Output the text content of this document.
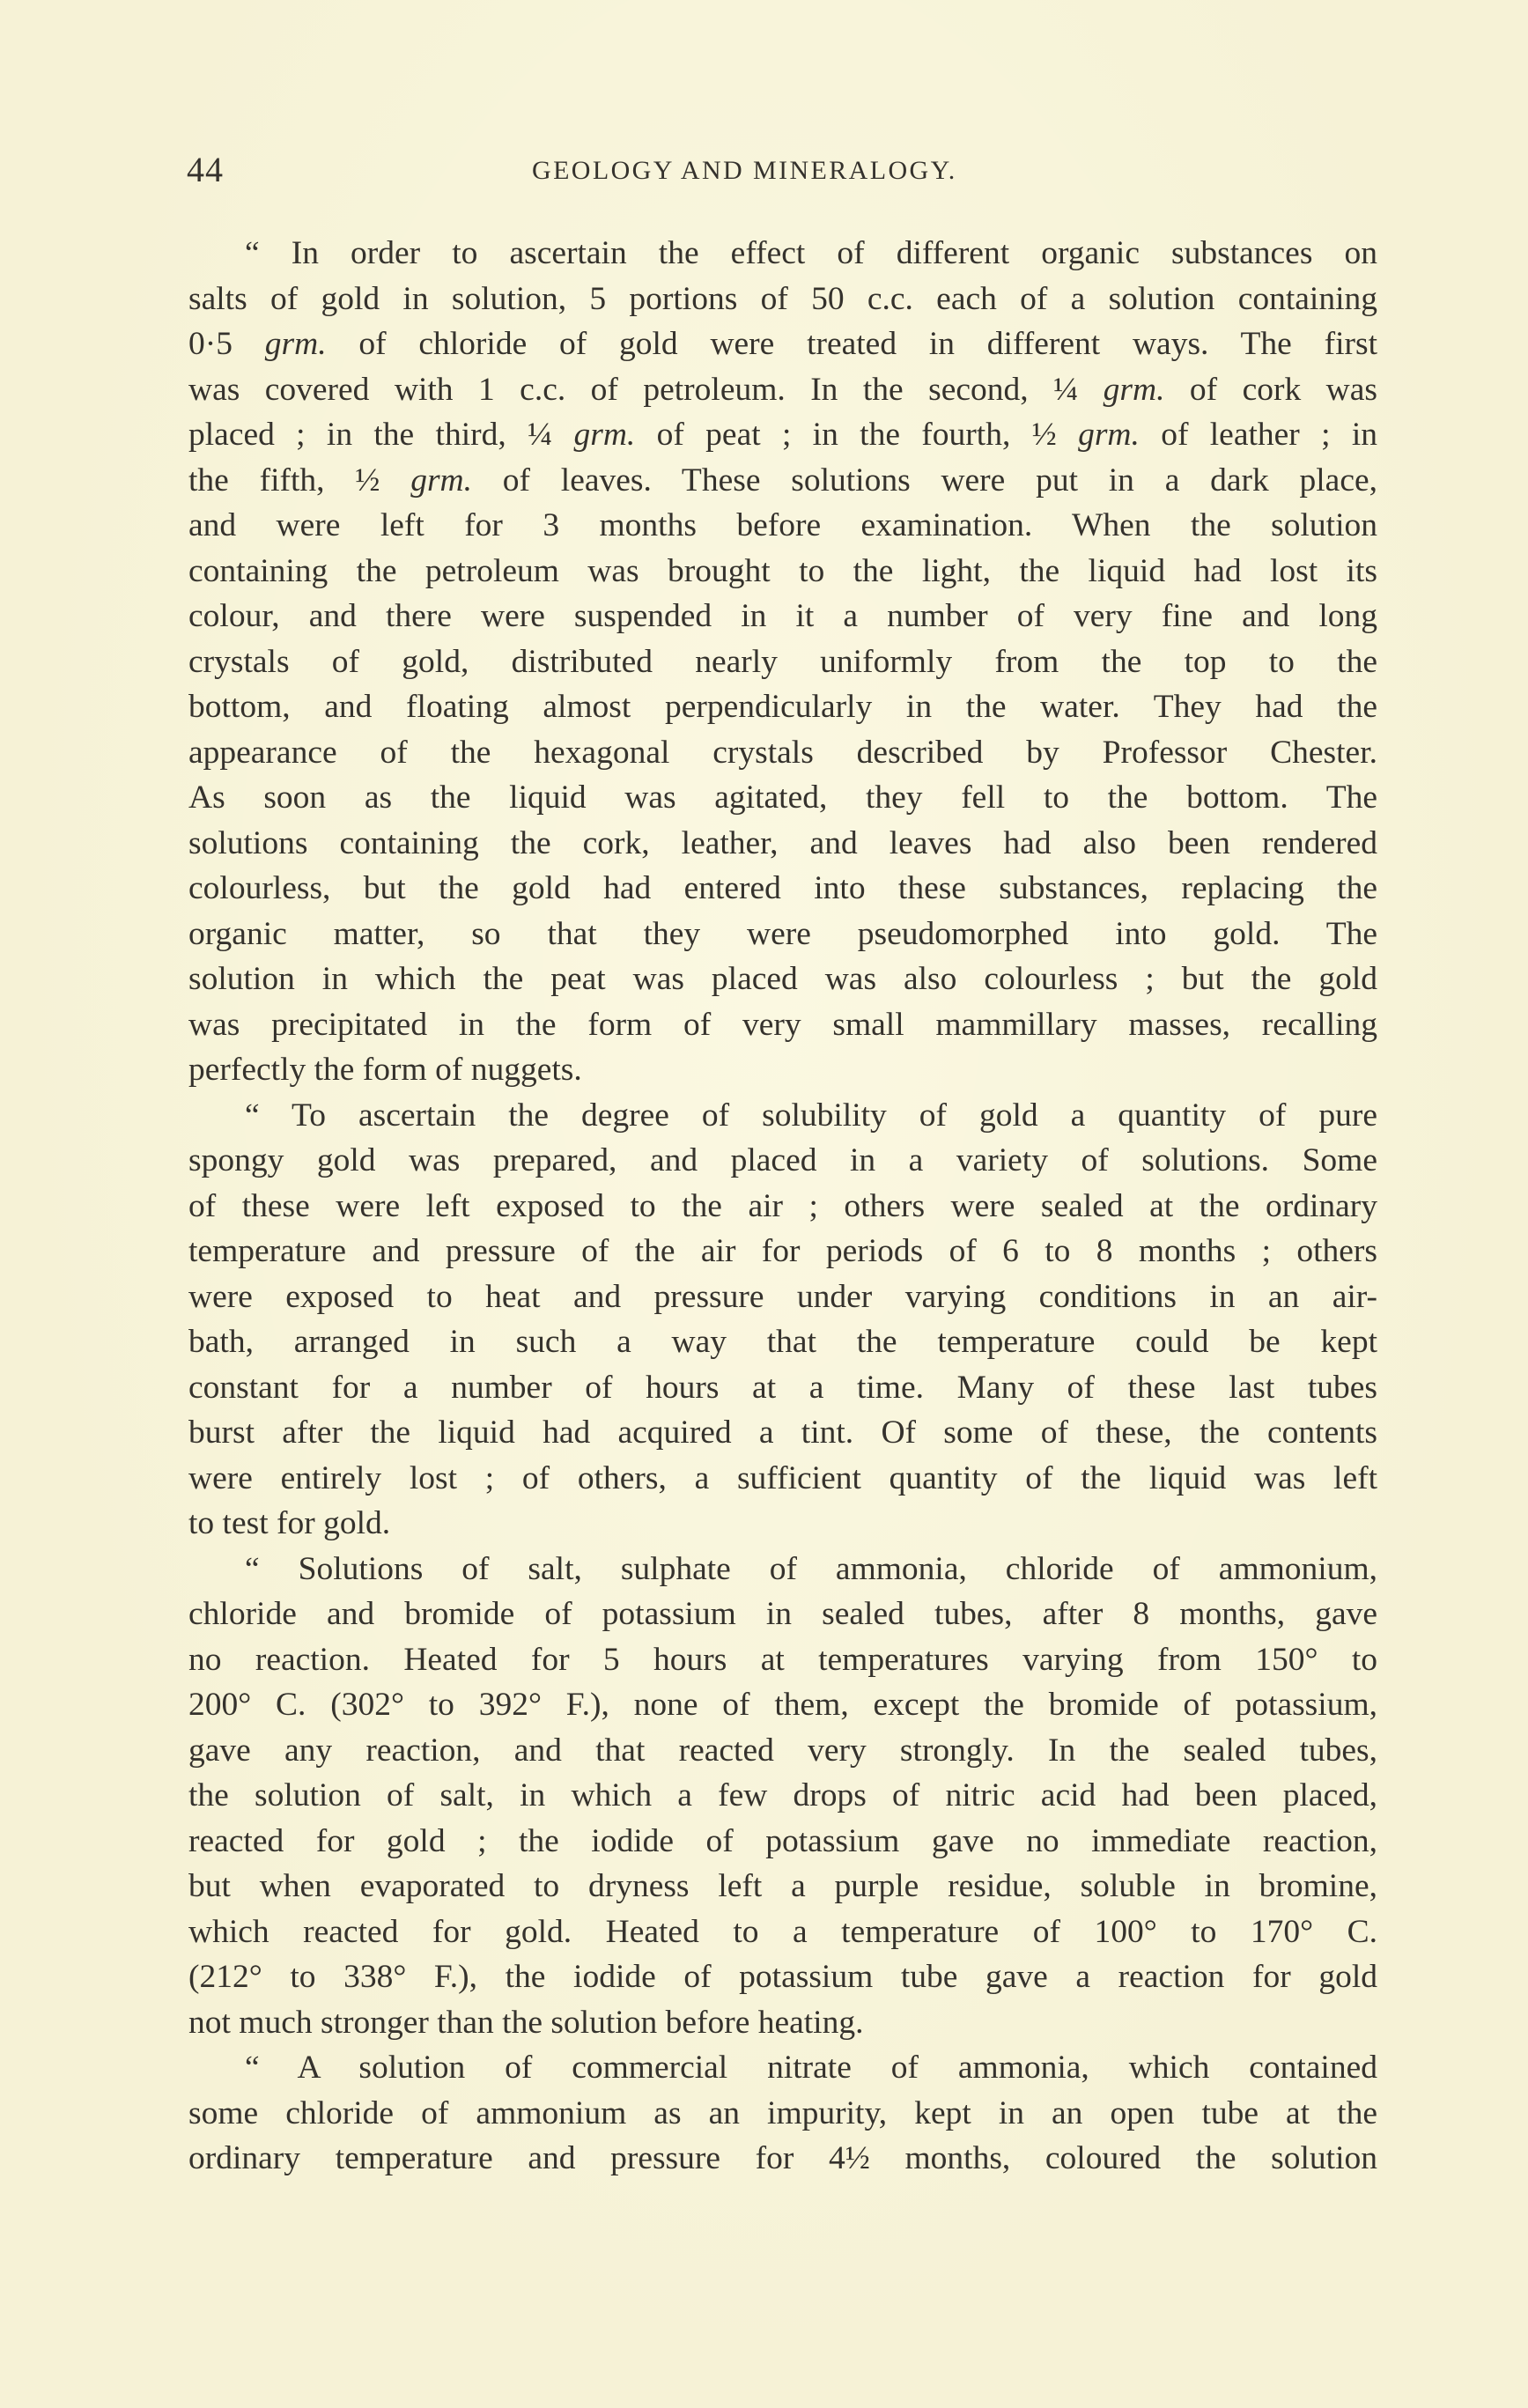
44	GEOLOGY AND MINERALOGY.
“ In order to ascertain the effect of different organic substances on
salts of gold in solution, 5 portions of 50 c.c. each of a solution containing
0·5 grm. of chloride of gold were treated in different ways. The first
was covered with 1 c.c. of petroleum. In the second, ¼ grm. of cork was
placed ; in the third, ¼ grm. of peat ; in the fourth, ½ grm. of leather ; in
the fifth, ½ grm. of leaves. These solutions were put in a dark place,
and were left for 3 months before examination. When the solution
containing the petroleum was brought to the light, the liquid had lost its
colour, and there were suspended in it a number of very fine and long
crystals of gold, distributed nearly uniformly from the top to the
bottom, and floating almost perpendicularly in the water. They had the
appearance of the hexagonal crystals described by Professor Chester.
As soon as the liquid was agitated, they fell to the bottom. The
solutions containing the cork, leather, and leaves had also been rendered
colourless, but the gold had entered into these substances, replacing the
organic matter, so that they were pseudomorphed into gold. The
solution in which the peat was placed was also colourless ; but the gold
was precipitated in the form of very small mammillary masses, recalling
perfectly the form of nuggets.
“ To ascertain the degree of solubility of gold a quantity of pure
spongy gold was prepared, and placed in a variety of solutions. Some
of these were left exposed to the air ; others were sealed at the ordinary
temperature and pressure of the air for periods of 6 to 8 months ; others
were exposed to heat and pressure under varying conditions in an air-
bath, arranged in such a way that the temperature could be kept
constant for a number of hours at a time. Many of these last tubes
burst after the liquid had acquired a tint. Of some of these, the contents
were entirely lost ; of others, a sufficient quantity of the liquid was left
to test for gold.
“ Solutions of salt, sulphate of ammonia, chloride of ammonium,
chloride and bromide of potassium in sealed tubes, after 8 months, gave
no reaction. Heated for 5 hours at temperatures varying from 150° to
200° C. (302° to 392° F.), none of them, except the bromide of potassium,
gave any reaction, and that reacted very strongly. In the sealed tubes,
the solution of salt, in which a few drops of nitric acid had been placed,
reacted for gold ; the iodide of potassium gave no immediate reaction,
but when evaporated to dryness left a purple residue, soluble in bromine,
which reacted for gold. Heated to a temperature of 100° to 170° C.
(212° to 338° F.), the iodide of potassium tube gave a reaction for gold
not much stronger than the solution before heating.
“ A solution of commercial nitrate of ammonia, which contained
some chloride of ammonium as an impurity, kept in an open tube at the
ordinary temperature and pressure for 4½ months, coloured the solution
